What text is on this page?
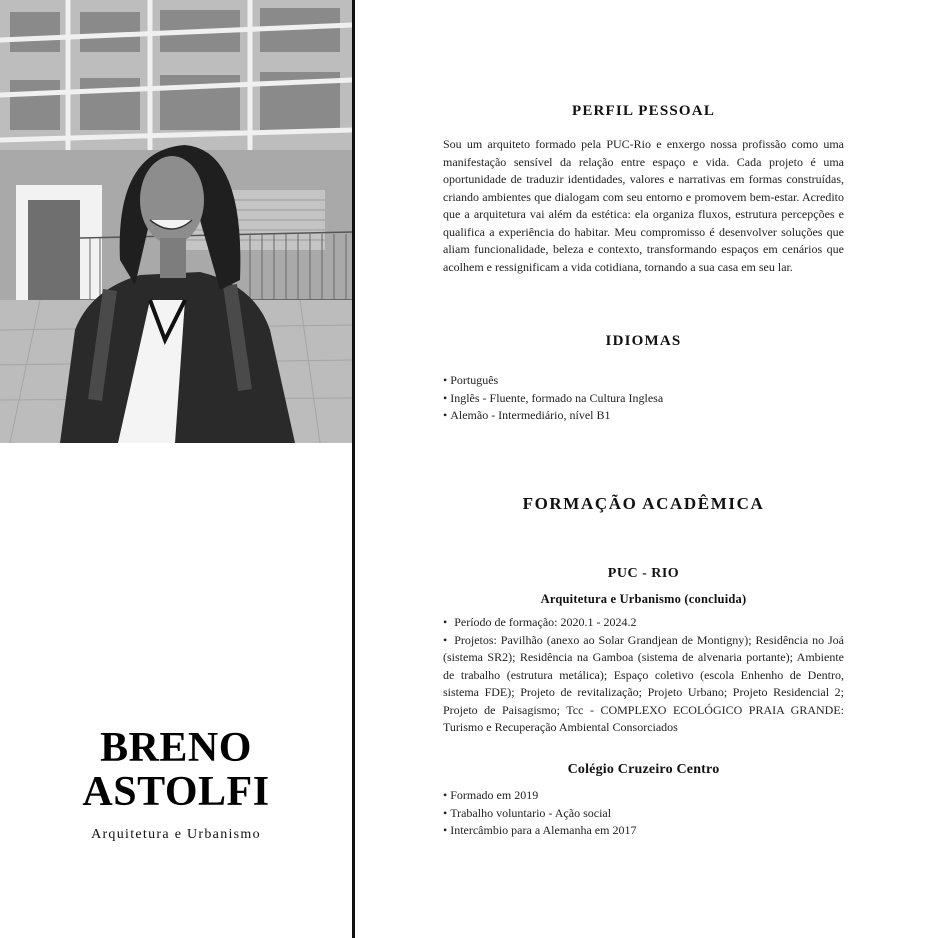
BRENO
ASTOLFI
Arquitetura e Urbanismo
PERFIL PESSOAL
Sou um arquiteto formado pela PUC-Rio e enxergo nossa profissão como uma manifestação sensível da relação entre espaço e vida. Cada projeto é uma oportunidade de traduzir identidades, valores e narrativas em formas construídas, criando ambientes que dialogam com seu entorno e promovem bem-estar. Acredito que a arquitetura vai além da estética: ela organiza fluxos, estrutura percepções e qualifica a experiência do habitar. Meu compromisso é desenvolver soluções que aliam funcionalidade, beleza e contexto, transformando espaços em cenários que acolhem e ressignificam a vida cotidiana, tornando a sua casa em seu lar.
IDIOMAS
• Português
• Inglês - Fluente, formado na Cultura Inglesa
• Alemão - Intermediário, nível B1
FORMAÇÃO ACADÊMICA
PUC - RIO
Arquitetura e Urbanismo (concluida)
• Período de formação: 2020.1 - 2024.2
• Projetos: Pavilhão (anexo ao Solar Grandjean de Montigny); Residência no Joá (sistema SR2); Residência na Gamboa (sistema de alvenaria portante); Ambiente de trabalho (estrutura metálica); Espaço coletivo (escola Enhenho de Dentro, sistema FDE); Projeto de revitalização; Projeto Urbano; Projeto Residencial 2; Projeto de Paisagismo; Tcc - COMPLEXO ECOLÓGICO PRAIA GRANDE: Turismo e Recuperação Ambiental Consorciados
Colégio Cruzeiro Centro
• Formado em 2019
• Trabalho voluntario - Ação social
• Intercâmbio para a Alemanha em 2017
